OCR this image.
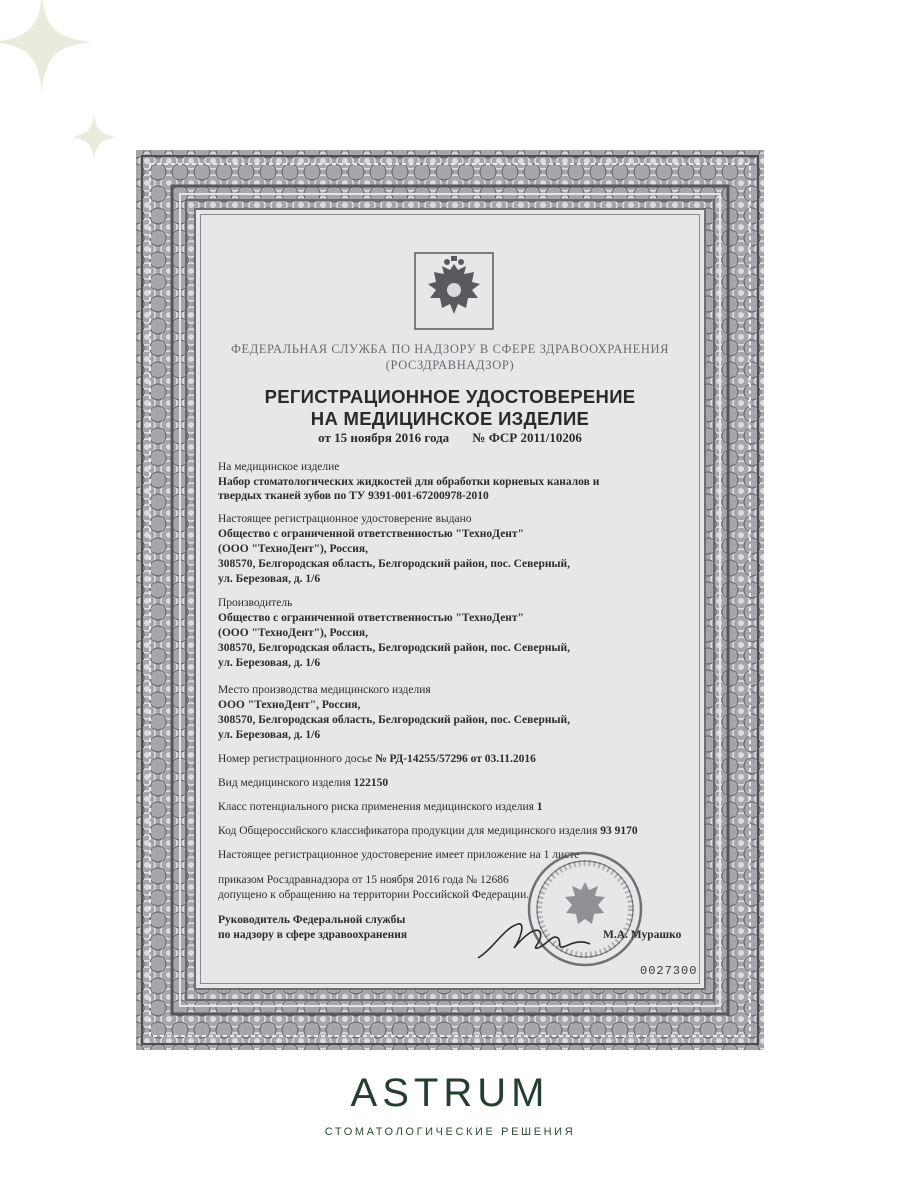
ФЕДЕРАЛЬНАЯ СЛУЖБА ПО НАДЗОРУ В СФЕРЕ ЗДРАВООХРАНЕНИЯ
(РОСЗДРАВНАДЗОР)
РЕГИСТРАЦИОННОЕ УДОСТОВЕРЕНИЕ
НА МЕДИЦИНСКОЕ ИЗДЕЛИЕ
от 15 ноября 2016 года № ФСР 2011/10206
На медицинское изделие
Набор стоматологических жидкостей для обработки корневых каналов и
твердых тканей зубов по ТУ 9391-001-67200978-2010
Настоящее регистрационное удостоверение выдано
Общество с ограниченной ответственностью "ТехноДент"
(ООО "ТехноДент"), Россия,
308570, Белгородская область, Белгородский район, пос. Северный,
ул. Березовая, д. 1/6
Производитель
Общество с ограниченной ответственностью "ТехноДент"
(ООО "ТехноДент"), Россия,
308570, Белгородская область, Белгородский район, пос. Северный,
ул. Березовая, д. 1/6
Место производства медицинского изделия
ООО "ТехноДент", Россия,
308570, Белгородская область, Белгородский район, пос. Северный,
ул. Березовая, д. 1/6
Номер регистрационного досье № РД-14255/57296 от 03.11.2016
Вид медицинского изделия 122150
Класс потенциального риска применения медицинского изделия 1
Код Общероссийского классификатора продукции для медицинского изделия 93 9170
Настоящее регистрационное удостоверение имеет приложение на 1 листе
приказом Росздравнадзора от 15 ноября 2016 года № 12686
допущено к обращению на территории Российской Федерации.
Руководитель Федеральной службы
по надзору в сфере здравоохранения	М.А. Мурашко
0027300
ASTRUM
СТОМАТОЛОГИЧЕСКИЕ РЕШЕНИЯ
